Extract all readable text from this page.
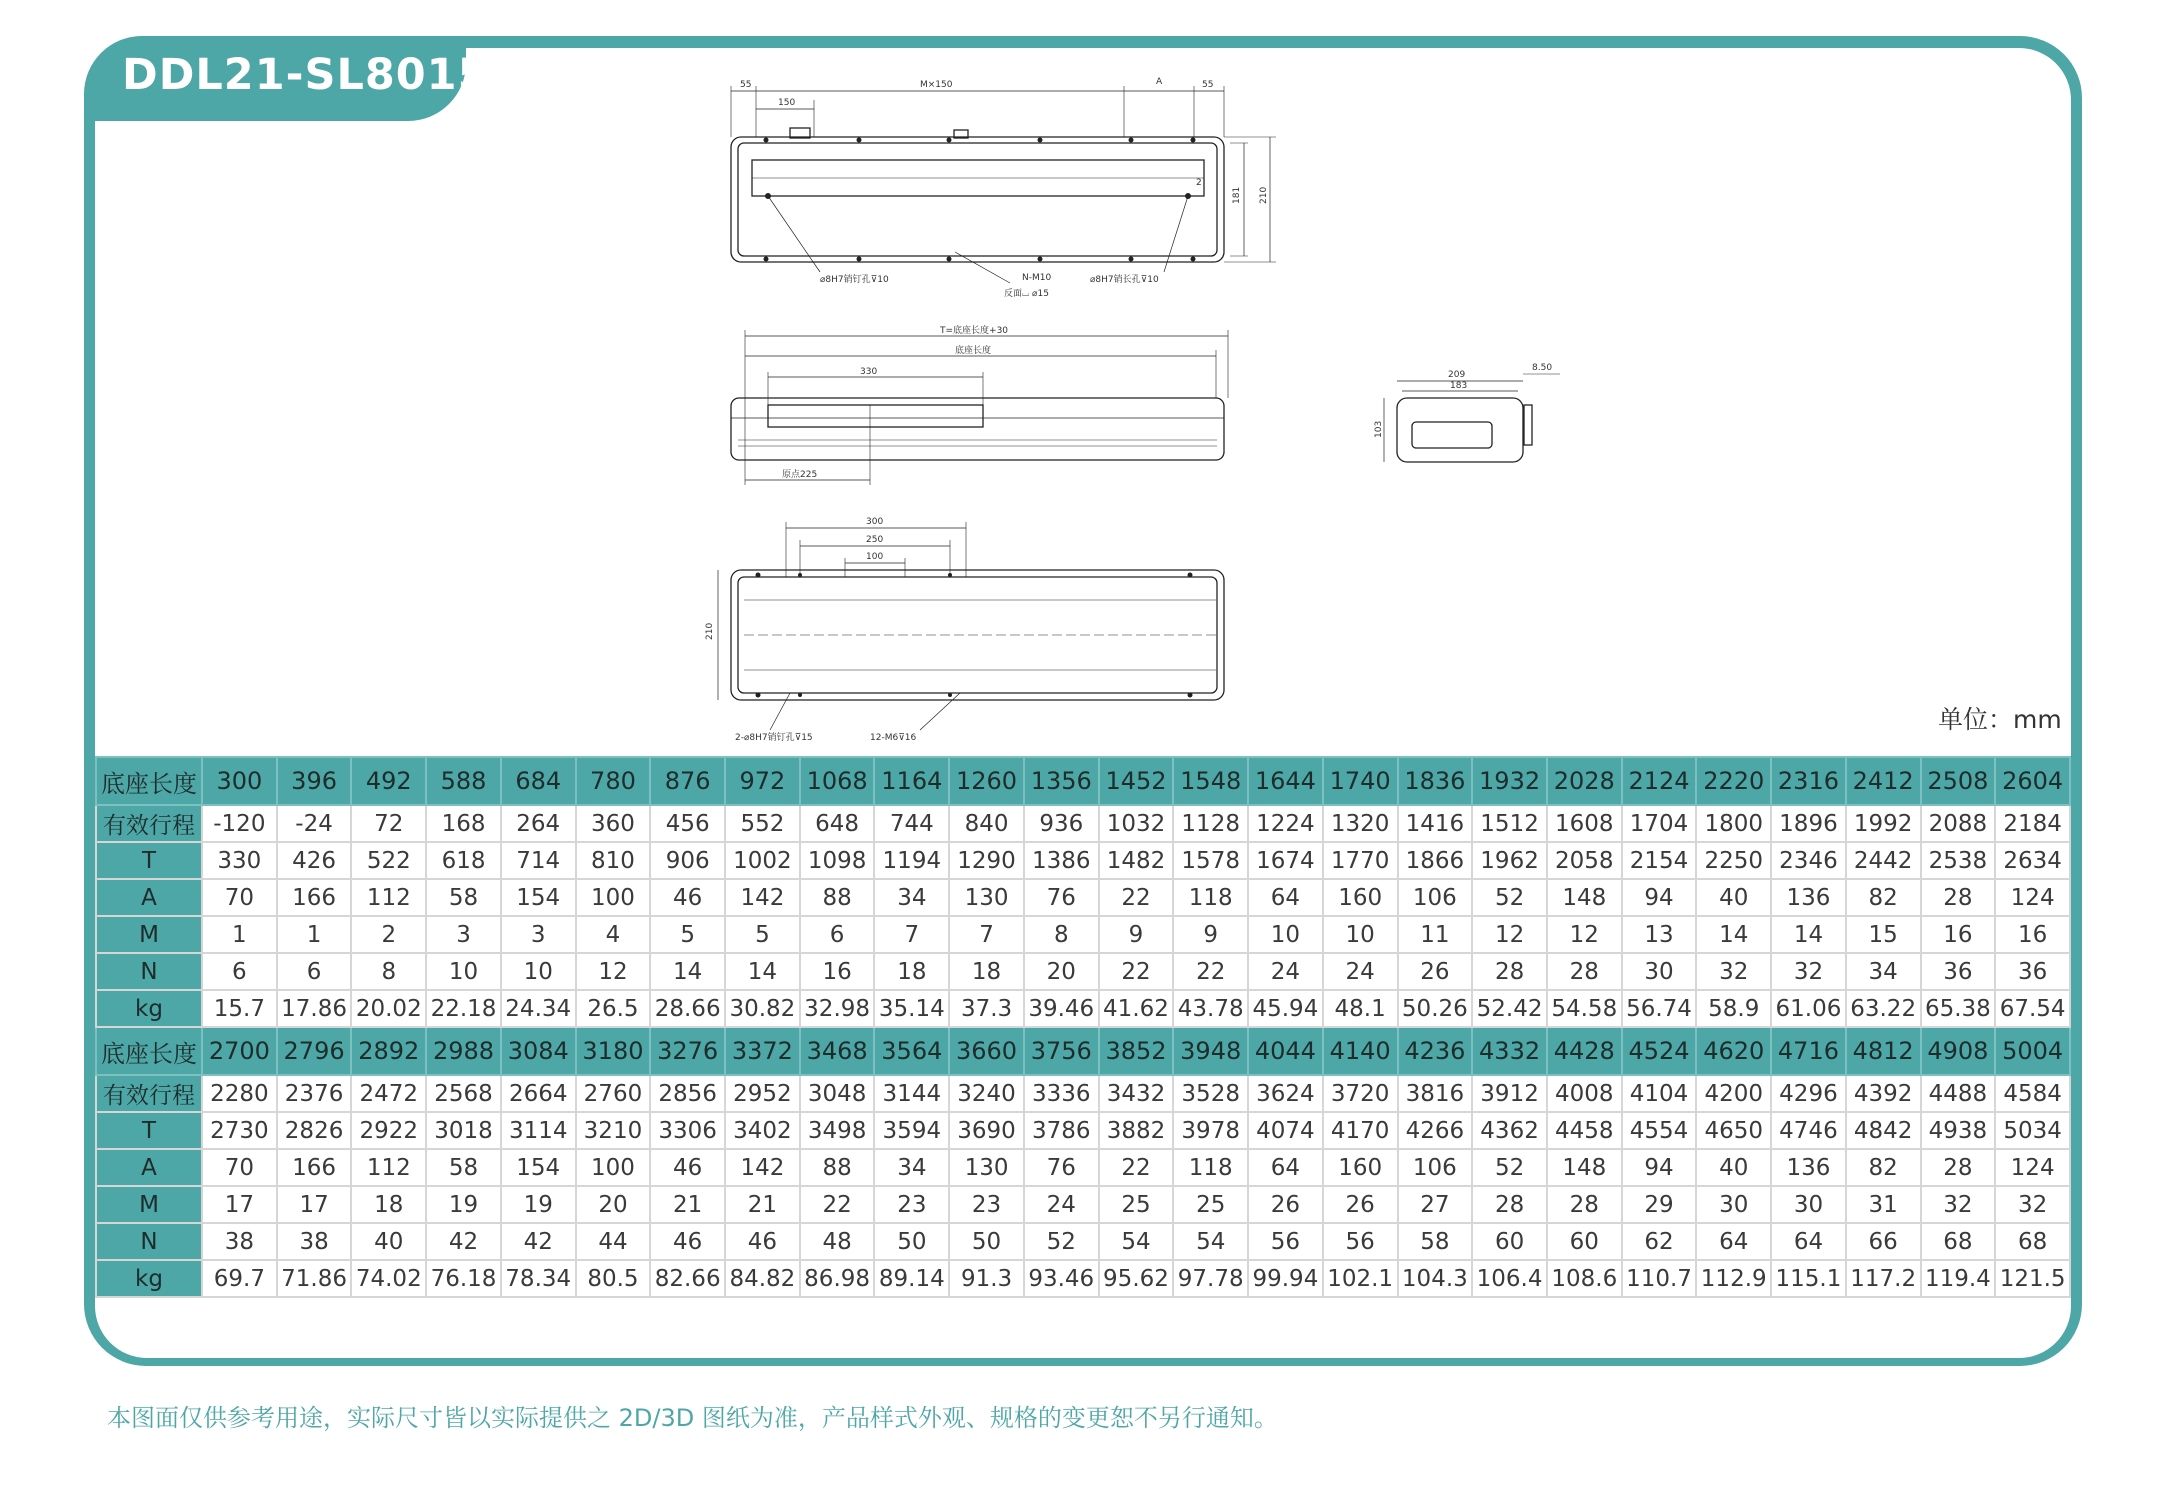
DDL21-SL8015	55
150
M×150	A	55
2
181 210
⌀8H7销钉孔⊽10	N-M10
反面⌴ ⌀15
⌀8H7销长孔⊽10
T=底座长度+30
底座长度
330
原点225
209
183
8.50
103
300
250
100
210
2-⌀8H7销钉孔⊽15	12-M6⊽16
单位：mm
底座长度	300	396	492	588	684	780	876	972	1068	1164	1260	1356	1452	1548	1644	1740	1836	1932	2028	2124	2220	2316	2412	2508	2604
有效行程	-120	-24	72	168	264	360	456	552	648	744	840	936	1032	1128	1224	1320	1416	1512	1608	1704	1800	1896	1992	2088	2184
T	330	426	522	618	714	810	906	1002	1098	1194	1290	1386	1482	1578	1674	1770	1866	1962	2058	2154	2250	2346	2442	2538	2634
A	70	166	112	58	154	100	46	142	88	34	130	76	22	118	64	160	106	52	148	94	40	136	82	28	124
M	1	1	2	3	3	4	5	5	6	7	7	8	9	9	10	10	11	12	12	13	14	14	15	16	16
N	6	6	8	10	10	12	14	14	16	18	18	20	22	22	24	24	26	28	28	30	32	32	34	36	36
kg	15.7	17.86	20.02	22.18	24.34	26.5	28.66	30.82	32.98	35.14	37.3	39.46	41.62	43.78	45.94	48.1	50.26	52.42	54.58	56.74	58.9	61.06	63.22	65.38	67.54
底座长度	2700	2796	2892	2988	3084	3180	3276	3372	3468	3564	3660	3756	3852	3948	4044	4140	4236	4332	4428	4524	4620	4716	4812	4908	5004
有效行程	2280	2376	2472	2568	2664	2760	2856	2952	3048	3144	3240	3336	3432	3528	3624	3720	3816	3912	4008	4104	4200	4296	4392	4488	4584
T	2730	2826	2922	3018	3114	3210	3306	3402	3498	3594	3690	3786	3882	3978	4074	4170	4266	4362	4458	4554	4650	4746	4842	4938	5034
A	70	166	112	58	154	100	46	142	88	34	130	76	22	118	64	160	106	52	148	94	40	136	82	28	124
M	17	17	18	19	19	20	21	21	22	23	23	24	25	25	26	26	27	28	28	29	30	30	31	32	32
N	38	38	40	42	42	44	46	46	48	50	50	52	54	54	56	56	58	60	60	62	64	64	66	68	68
kg	69.7	71.86	74.02	76.18	78.34	80.5	82.66	84.82	86.98	89.14	91.3	93.46	95.62	97.78	99.94	102.1	104.3	106.4	108.6	110.7	112.9	115.1	117.2	119.4	121.5
本图面仅供参考用途，实际尺寸皆以实际提供之 2D/3D 图纸为准，产品样式外观、规格的变更恕不另行通知。
